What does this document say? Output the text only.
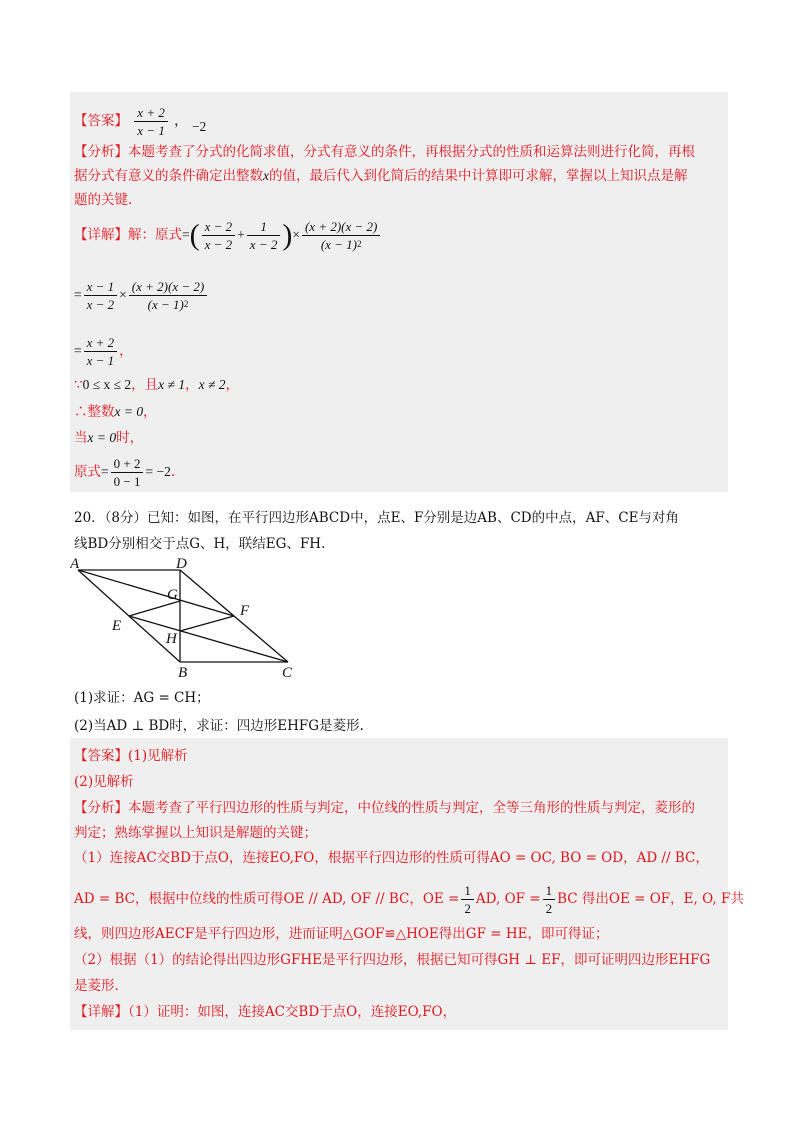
【答案】 $\frac{x + 2}{x - 1}$ ， −2
【分析】本题考查了分式的化简求值，分式有意义的条件，再根据分式的性质和运算法则进行化简，再根
据分式有意义的条件确定出整数x的值，最后代入到化简后的结果中计算即可求解，掌握以上知识点是解
题的关键.
【详解】解：原式=( $\frac{x - 2}{x - 2} + \frac{1}{x - 2}$ )× $\frac{(x + 2)(x - 2)}{(x - 1)^2}$
= $\frac{x - 1}{x - 2} \times \frac{(x + 2)(x - 2)}{(x - 1)^2}$
= $\frac{x + 2}{x - 1}$ ，
∵0 ≤ x ≤ 2，且x ≠ 1，x ≠ 2，
∴整数x = 0，
当x = 0时，
原式= $\frac{0 + 2}{0 - 1} = -2$.
20．（8分）已知：如图，在平行四边形ABCD中，点E、F分别是边AB、CD的中点，AF、CE与对角
线BD分别相交于点G、H，联结EG、FH.
A	D
G
F
E
H
B	C
(1)求证：AG = CH；
(2)当AD ⊥ BD时，求证：四边形EHFG是菱形.
【答案】(1)见解析
(2)见解析
【分析】本题考查了平行四边形的性质与判定，中位线的性质与判定，全等三角形的性质与判定，菱形的
判定；熟练掌握以上知识是解题的关键；
（1）连接AC交BD于点O，连接EO,FO，根据平行四边形的性质可得AO = OC, BO = OD，AD // BC，
AD = BC，根据中位线的性质可得OE // AD, OF // BC，OE = $\frac{1}{2}$ AD, OF = $\frac{1}{2}$ BC 得出OE = OF，E, O, F共
线，则四边形AECF是平行四边形，进而证明△GOF≌△HOE得出GF = HE，即可得证；
（2）根据（1）的结论得出四边形GFHE是平行四边形，根据已知可得GH ⊥ EF，即可证明四边形EHFG
是菱形.
【详解】（1）证明：如图，连接AC交BD于点O，连接EO,FO，
